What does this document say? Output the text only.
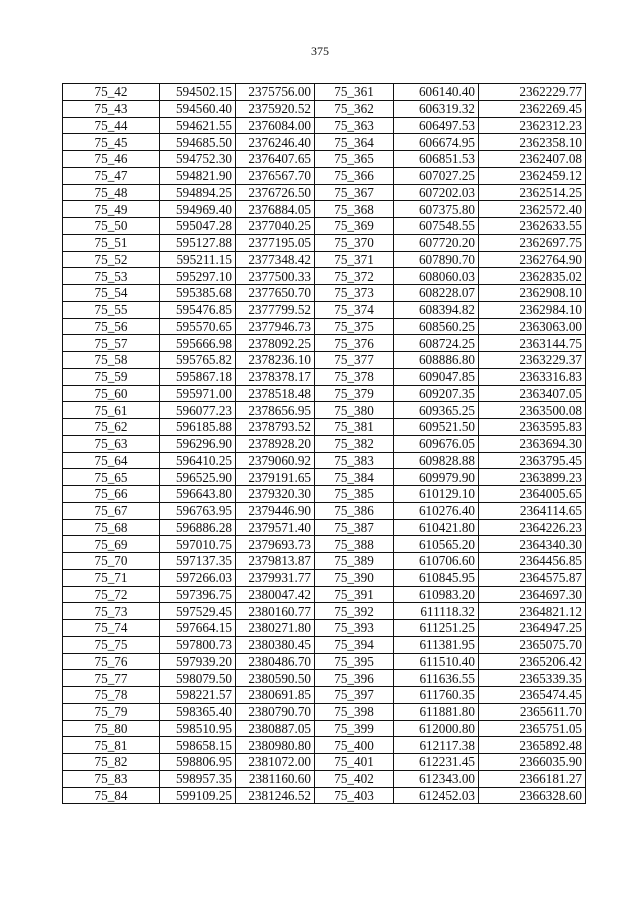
375
75_42	594502.15	2375756.00	75_361	606140.40	2362229.77
75_43	594560.40	2375920.52	75_362	606319.32	2362269.45
75_44	594621.55	2376084.00	75_363	606497.53	2362312.23
75_45	594685.50	2376246.40	75_364	606674.95	2362358.10
75_46	594752.30	2376407.65	75_365	606851.53	2362407.08
75_47	594821.90	2376567.70	75_366	607027.25	2362459.12
75_48	594894.25	2376726.50	75_367	607202.03	2362514.25
75_49	594969.40	2376884.05	75_368	607375.80	2362572.40
75_50	595047.28	2377040.25	75_369	607548.55	2362633.55
75_51	595127.88	2377195.05	75_370	607720.20	2362697.75
75_52	595211.15	2377348.42	75_371	607890.70	2362764.90
75_53	595297.10	2377500.33	75_372	608060.03	2362835.02
75_54	595385.68	2377650.70	75_373	608228.07	2362908.10
75_55	595476.85	2377799.52	75_374	608394.82	2362984.10
75_56	595570.65	2377946.73	75_375	608560.25	2363063.00
75_57	595666.98	2378092.25	75_376	608724.25	2363144.75
75_58	595765.82	2378236.10	75_377	608886.80	2363229.37
75_59	595867.18	2378378.17	75_378	609047.85	2363316.83
75_60	595971.00	2378518.48	75_379	609207.35	2363407.05
75_61	596077.23	2378656.95	75_380	609365.25	2363500.08
75_62	596185.88	2378793.52	75_381	609521.50	2363595.83
75_63	596296.90	2378928.20	75_382	609676.05	2363694.30
75_64	596410.25	2379060.92	75_383	609828.88	2363795.45
75_65	596525.90	2379191.65	75_384	609979.90	2363899.23
75_66	596643.80	2379320.30	75_385	610129.10	2364005.65
75_67	596763.95	2379446.90	75_386	610276.40	2364114.65
75_68	596886.28	2379571.40	75_387	610421.80	2364226.23
75_69	597010.75	2379693.73	75_388	610565.20	2364340.30
75_70	597137.35	2379813.87	75_389	610706.60	2364456.85
75_71	597266.03	2379931.77	75_390	610845.95	2364575.87
75_72	597396.75	2380047.42	75_391	610983.20	2364697.30
75_73	597529.45	2380160.77	75_392	611118.32	2364821.12
75_74	597664.15	2380271.80	75_393	611251.25	2364947.25
75_75	597800.73	2380380.45	75_394	611381.95	2365075.70
75_76	597939.20	2380486.70	75_395	611510.40	2365206.42
75_77	598079.50	2380590.50	75_396	611636.55	2365339.35
75_78	598221.57	2380691.85	75_397	611760.35	2365474.45
75_79	598365.40	2380790.70	75_398	611881.80	2365611.70
75_80	598510.95	2380887.05	75_399	612000.80	2365751.05
75_81	598658.15	2380980.80	75_400	612117.38	2365892.48
75_82	598806.95	2381072.00	75_401	612231.45	2366035.90
75_83	598957.35	2381160.60	75_402	612343.00	2366181.27
75_84	599109.25	2381246.52	75_403	612452.03	2366328.60
